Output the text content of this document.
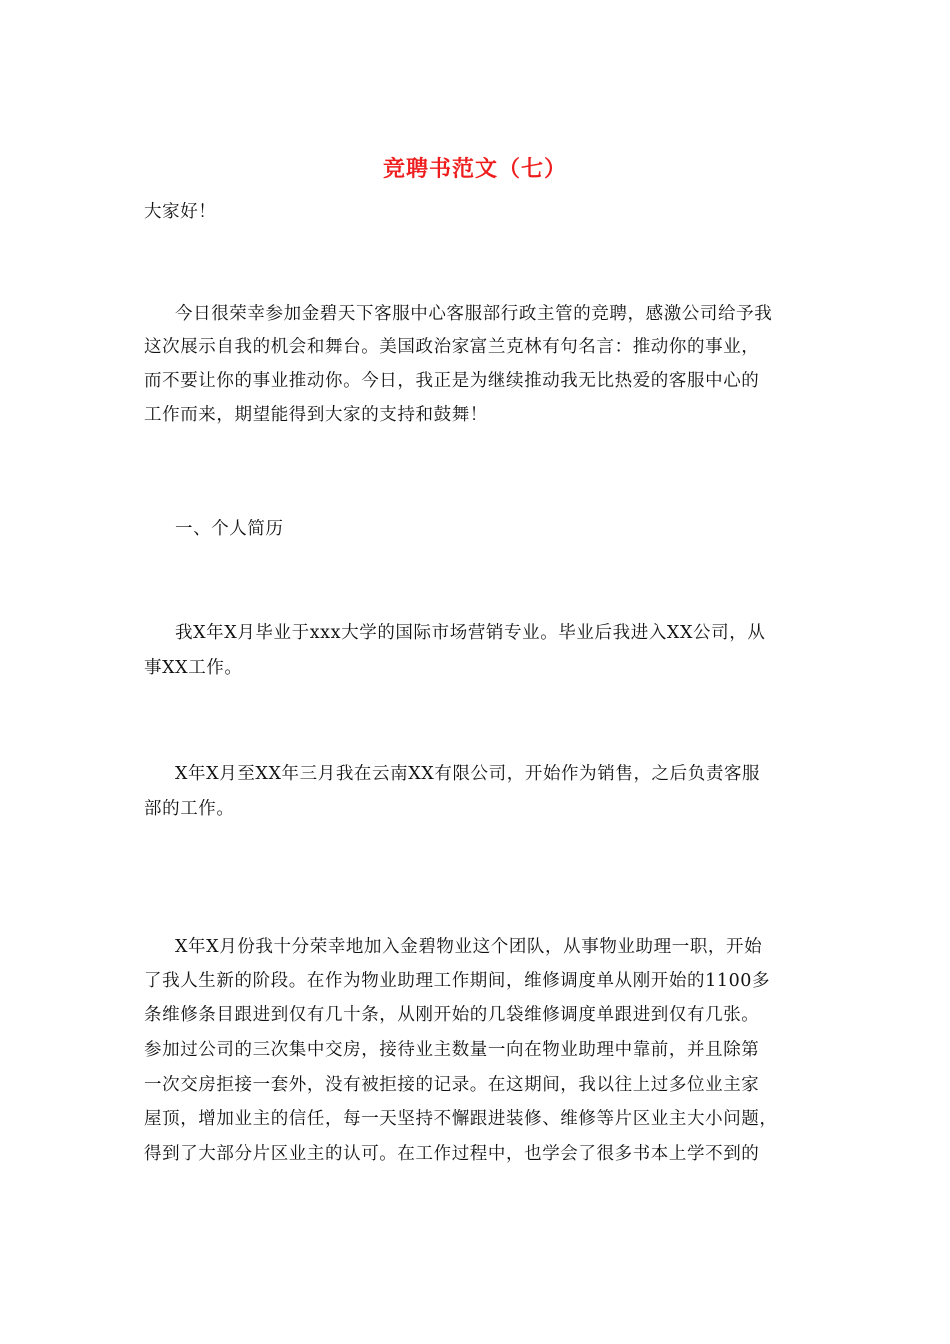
竞聘书范文（七）
大家好！
今日很荣幸参加金碧天下客服中心客服部行政主管的竞聘，感激公司给予我
这次展示自我的机会和舞台。美国政治家富兰克林有句名言：推动你的事业，
而不要让你的事业推动你。今日，我正是为继续推动我无比热爱的客服中心的
工作而来，期望能得到大家的支持和鼓舞！
一、个人简历
我X年X月毕业于xxx大学的国际市场营销专业。毕业后我进入XX公司，从
事XX工作。
X年X月至XX年三月我在云南XX有限公司，开始作为销售，之后负责客服
部的工作。
X年X月份我十分荣幸地加入金碧物业这个团队，从事物业助理一职，开始
了我人生新的阶段。在作为物业助理工作期间，维修调度单从刚开始的1100多
条维修条目跟进到仅有几十条，从刚开始的几袋维修调度单跟进到仅有几张。
参加过公司的三次集中交房，接待业主数量一向在物业助理中靠前，并且除第
一次交房拒接一套外，没有被拒接的记录。在这期间，我以往上过多位业主家
屋顶，增加业主的信任，每一天坚持不懈跟进装修、维修等片区业主大小问题，
得到了大部分片区业主的认可。在工作过程中，也学会了很多书本上学不到的
